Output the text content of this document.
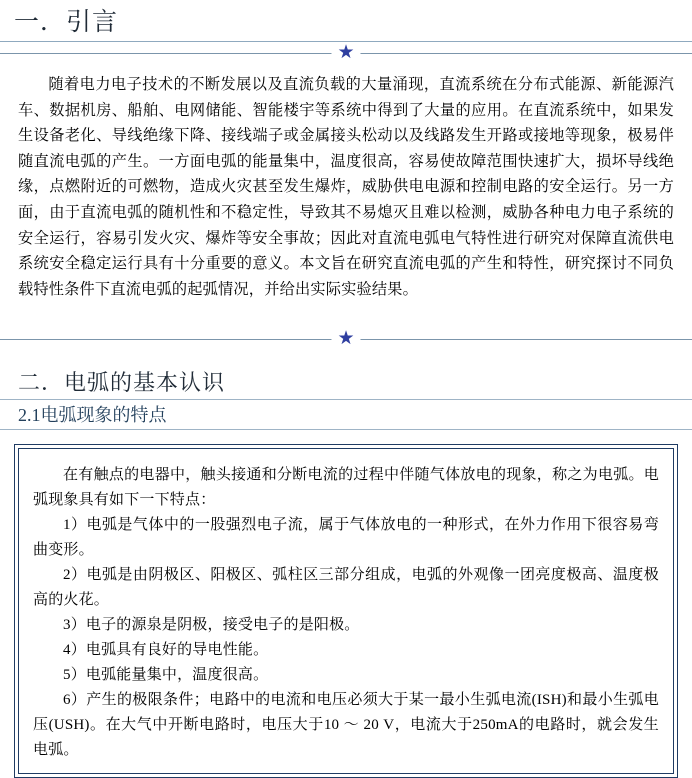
一．引言
★

随着电力电子技术的不断发展以及直流负载的大量涌现，直流系统在分布式能源、新能源汽车、数据机房、船舶、电网储能、智能楼宇等系统中得到了大量的应用。在直流系统中，如果发生设备老化、导线绝缘下降、接线端子或金属接头松动以及线路发生开路或接地等现象，极易伴随直流电弧的产生。一方面电弧的能量集中，温度很高，容易使故障范围快速扩大，损坏导线绝缘，点燃附近的可燃物，造成火灾甚至发生爆炸，威胁供电电源和控制电路的安全运行。另一方面，由于直流电弧的随机性和不稳定性，导致其不易熄灭且难以检测，威胁各种电力电子系统的安全运行，容易引发火灾、爆炸等安全事故；因此对直流电弧电气特性进行研究对保障直流供电系统安全稳定运行具有十分重要的意义。本文旨在研究直流电弧的产生和特性，研究探讨不同负载特性条件下直流电弧的起弧情况，并给出实际实验结果。

★
二．电弧的基本认识
2.1电弧现象的特点

在有触点的电器中，触头接通和分断电流的过程中伴随气体放电的现象，称之为电弧。电弧现象具有如下一下特点：

1）电弧是气体中的一股强烈电子流，属于气体放电的一种形式，在外力作用下很容易弯曲变形。

2）电弧是由阴极区、阳极区、弧柱区三部分组成，电弧的外观像一团亮度极高、温度极高的火花。

3）电子的源泉是阴极，接受电子的是阳极。

4）电弧具有良好的导电性能。

5）电弧能量集中，温度很高。

6）产生的极限条件；电路中的电流和电压必须大于某一最小生弧电流(ISH)和最小生弧电压(USH)。在大气中开断电路时，电压大于10 ～ 20 V，电流大于250mA的电路时，就会发生电弧。
